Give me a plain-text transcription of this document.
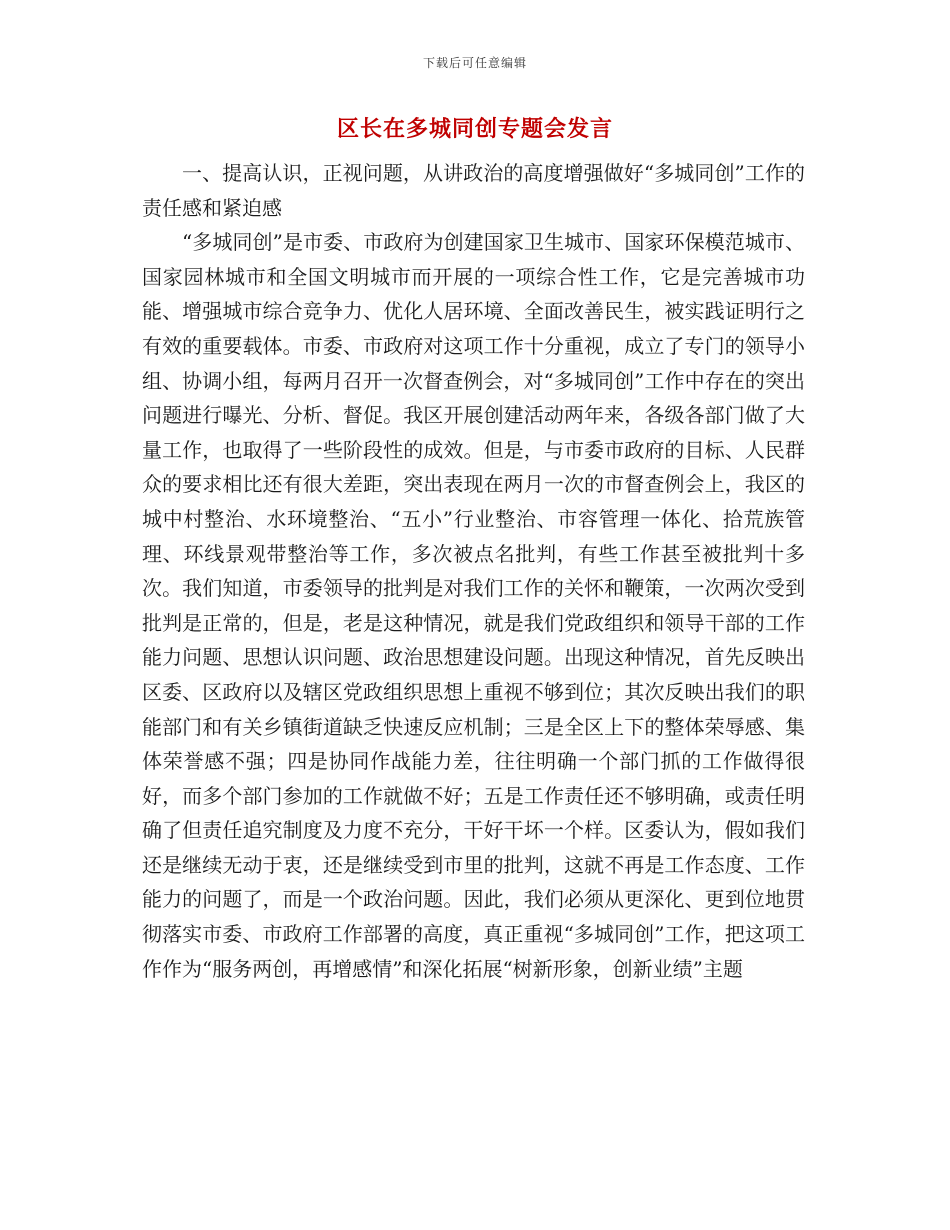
下载后可任意编辑
区长在多城同创专题会发言

一、提高认识，正视问题，从讲政治的高度增强做好“多城同创”工作的责任感和紧迫感

“多城同创”是市委、市政府为创建国家卫生城市、国家环保模范城市、国家园林城市和全国文明城市而开展的一项综合性工作，它是完善城市功能、增强城市综合竞争力、优化人居环境、全面改善民生，被实践证明行之有效的重要载体。市委、市政府对这项工作十分重视，成立了专门的领导小组、协调小组，每两月召开一次督查例会，对“多城同创”工作中存在的突出问题进行曝光、分析、督促。我区开展创建活动两年来，各级各部门做了大量工作，也取得了一些阶段性的成效。但是，与市委市政府的目标、人民群众的要求相比还有很大差距，突出表现在两月一次的市督查例会上，我区的城中村整治、水环境整治、“五小”行业整治、市容管理一体化、拾荒族管理、环线景观带整治等工作，多次被点名批判，有些工作甚至被批判十多次。我们知道，市委领导的批判是对我们工作的关怀和鞭策，一次两次受到批判是正常的，但是，老是这种情况，就是我们党政组织和领导干部的工作能力问题、思想认识问题、政治思想建设问题。出现这种情况，首先反映出区委、区政府以及辖区党政组织思想上重视不够到位；其次反映出我们的职能部门和有关乡镇街道缺乏快速反应机制；三是全区上下的整体荣辱感、集体荣誉感不强；四是协同作战能力差，往往明确一个部门抓的工作做得很好，而多个部门参加的工作就做不好；五是工作责任还不够明确，或责任明确了但责任追究制度及力度不充分，干好干坏一个样。区委认为，假如我们还是继续无动于衷，还是继续受到市里的批判，这就不再是工作态度、工作能力的问题了，而是一个政治问题。因此，我们必须从更深化、更到位地贯彻落实市委、市政府工作部署的高度，真正重视“多城同创”工作，把这项工作作为“服务两创，再增感情”和深化拓展“树新形象，创新业绩”主题
